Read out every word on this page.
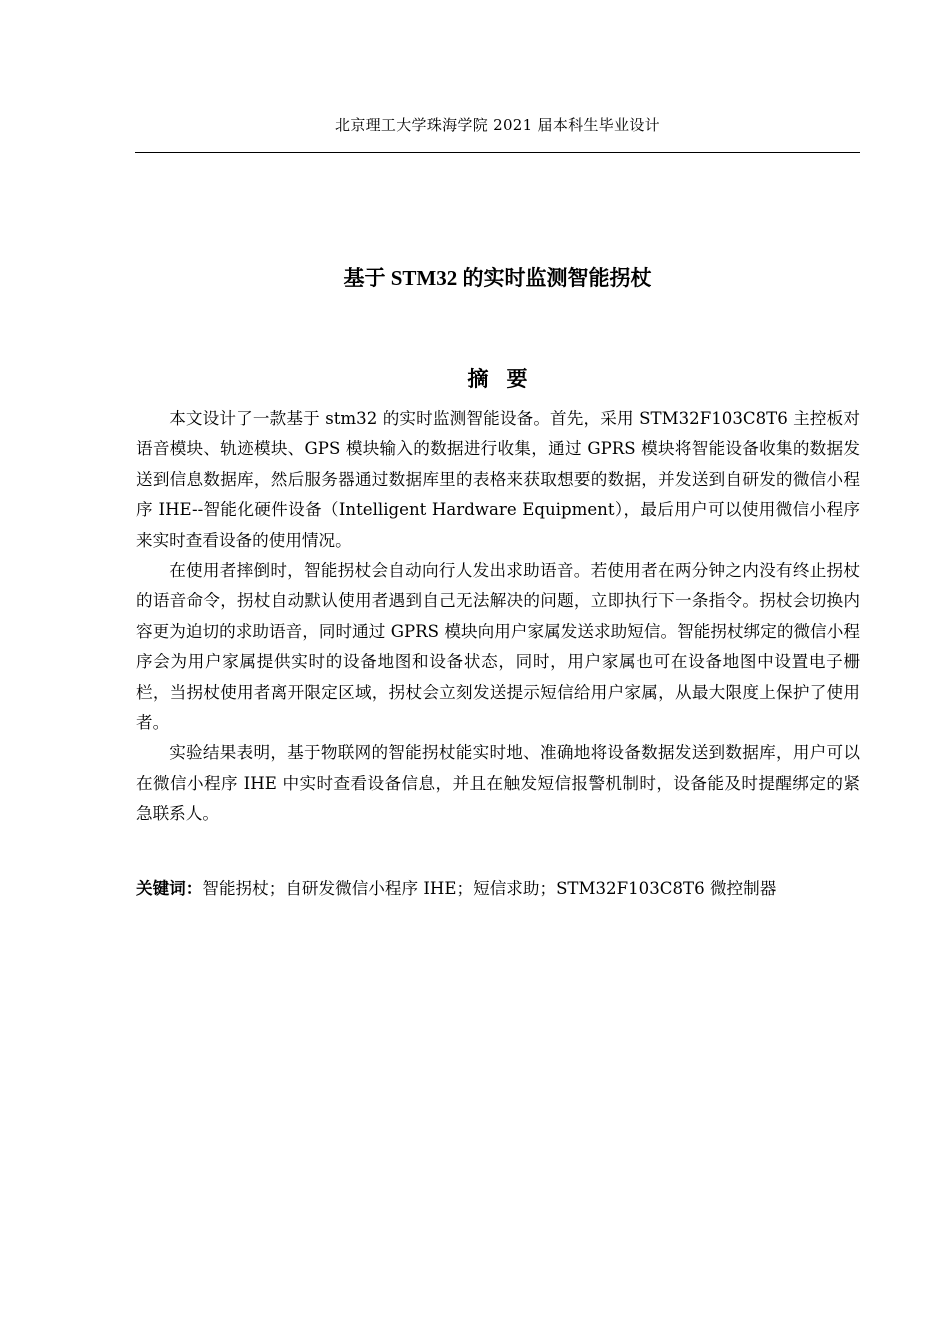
北京理工大学珠海学院 2021 届本科生毕业设计
基于 STM32 的实时监测智能拐杖
摘要

本文设计了一款基于 stm32 的实时监测智能设备。首先，采用 STM32F103C8T6 主控板对语音模块、轨迹模块、GPS 模块输入的数据进行收集，通过 GPRS 模块将智能设备收集的数据发送到信息数据库，然后服务器通过数据库里的表格来获取想要的数据，并发送到自研发的微信小程序 IHE--智能化硬件设备（Intelligent Hardware Equipment），最后用户可以使用微信小程序来实时查看设备的使用情况。

在使用者摔倒时，智能拐杖会自动向行人发出求助语音。若使用者在两分钟之内没有终止拐杖的语音命令，拐杖自动默认使用者遇到自己无法解决的问题，立即执行下一条指令。拐杖会切换内容更为迫切的求助语音，同时通过 GPRS 模块向用户家属发送求助短信。智能拐杖绑定的微信小程序会为用户家属提供实时的设备地图和设备状态，同时，用户家属也可在设备地图中设置电子栅栏，当拐杖使用者离开限定区域，拐杖会立刻发送提示短信给用户家属，从最大限度上保护了使用者。

实验结果表明，基于物联网的智能拐杖能实时地、准确地将设备数据发送到数据库，用户可以在微信小程序 IHE 中实时查看设备信息，并且在触发短信报警机制时，设备能及时提醒绑定的紧急联系人。

关键词：智能拐杖；自研发微信小程序 IHE；短信求助；STM32F103C8T6 微控制器
